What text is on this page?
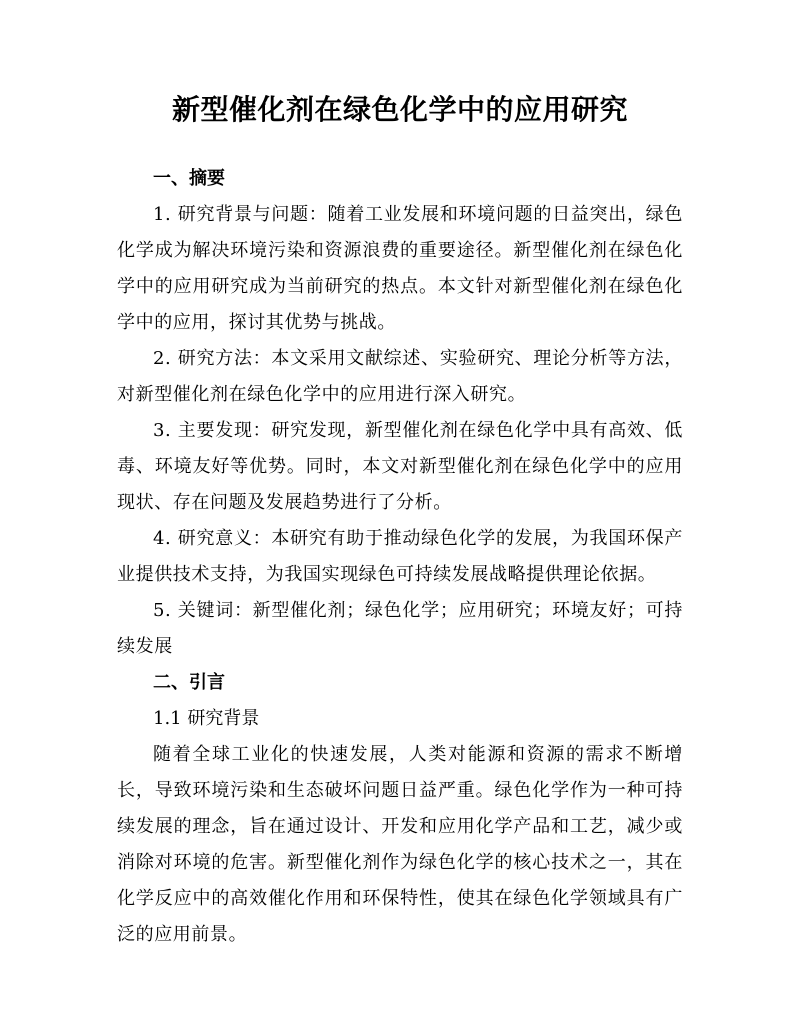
新型催化剂在绿色化学中的应用研究
一、摘要

1. 研究背景与问题：随着工业发展和环境问题的日益突出，绿色化学成为解决环境污染和资源浪费的重要途径。新型催化剂在绿色化学中的应用研究成为当前研究的热点。本文针对新型催化剂在绿色化学中的应用，探讨其优势与挑战。

2. 研究方法：本文采用文献综述、实验研究、理论分析等方法，对新型催化剂在绿色化学中的应用进行深入研究。

3. 主要发现：研究发现，新型催化剂在绿色化学中具有高效、低毒、环境友好等优势。同时，本文对新型催化剂在绿色化学中的应用现状、存在问题及发展趋势进行了分析。

4. 研究意义：本研究有助于推动绿色化学的发展，为我国环保产业提供技术支持，为我国实现绿色可持续发展战略提供理论依据。

5. 关键词：新型催化剂；绿色化学；应用研究；环境友好；可持续发展

二、引言

1.1 研究背景

随着全球工业化的快速发展，人类对能源和资源的需求不断增长，导致环境污染和生态破坏问题日益严重。绿色化学作为一种可持续发展的理念，旨在通过设计、开发和应用化学产品和工艺，减少或消除对环境的危害。新型催化剂作为绿色化学的核心技术之一，其在化学反应中的高效催化作用和环保特性，使其在绿色化学领域具有广泛的应用前景。
